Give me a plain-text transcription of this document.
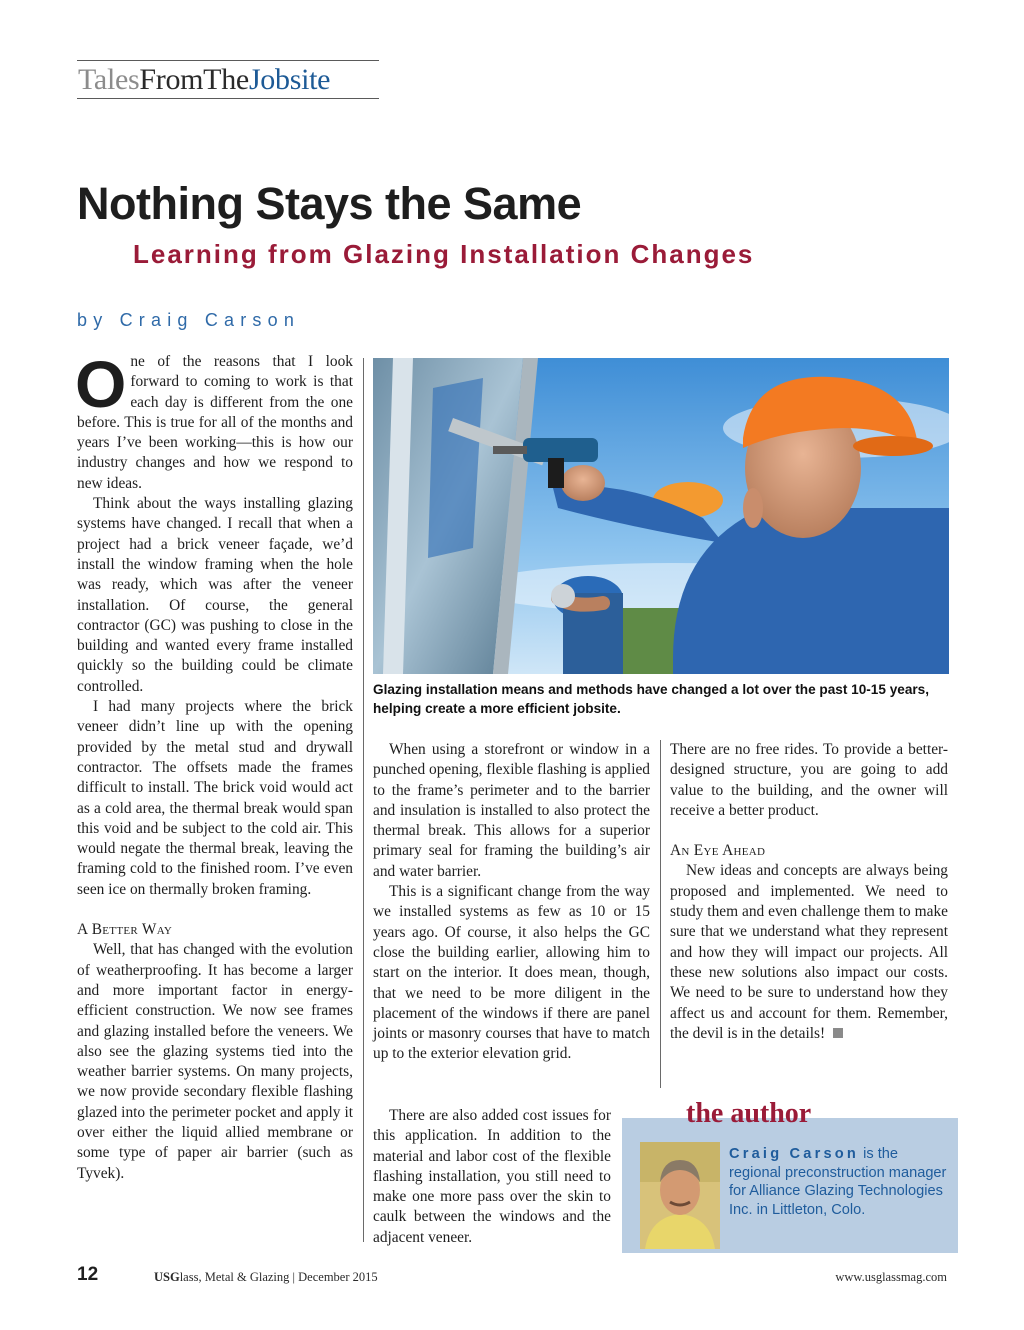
TalesFromTheJobsite
Nothing Stays the Same
Learning from Glazing Installation Changes
by Craig Carson

One of the reasons that I look forward to coming to work is that each day is different from the one before. This is true for all of the months and years I’ve been working—this is how our industry changes and how we respond to new ideas.

Think about the ways installing glazing systems have changed. I recall that when a project had a brick veneer façade, we’d install the window framing when the hole was ready, which was after the veneer installation. Of course, the general contractor (GC) was pushing to close in the building and wanted every frame installed quickly so the building could be climate controlled.

I had many projects where the brick veneer didn’t line up with the opening provided by the metal stud and drywall contractor. The offsets made the frames difficult to install. The brick void would act as a cold area, the thermal break would span this void and be subject to the cold air. This would negate the thermal break, leaving the framing cold to the finished room. I’ve even seen ice on thermally broken framing.

A Better Way

Well, that has changed with the evolution of weatherproofing. It has become a larger and more important factor in energy-efficient construction. We now see frames and glazing installed before the veneers. We also see the glazing systems tied into the weather barrier systems. On many projects, we now provide secondary flexible flashing glazed into the perimeter pocket and apply it over either the liquid allied membrane or some type of paper air barrier (such as Tyvek).

Glazing installation means and methods have changed a lot over the past 10-15 years, helping create a more efficient jobsite.

When using a storefront or window in a punched opening, flexible flashing is applied to the frame’s perimeter and to the barrier and insulation is installed to also protect the thermal break. This allows for a superior primary seal for framing the building’s air and water barrier.

This is a significant change from the way we installed systems as few as 10 or 15 years ago. Of course, it also helps the GC close the building earlier, allowing him to start on the interior. It does mean, though, that we need to be more diligent in the placement of the windows if there are panel joints or masonry courses that have to match up to the exterior elevation grid.

There are also added cost issues for this application. In addition to the material and labor cost of the flexible flashing installation, you still need to make one more pass over the skin to caulk between the windows and the adjacent veneer.

There are no free rides. To provide a better-designed structure, you are going to add value to the building, and the owner will receive a better product.

An Eye Ahead

New ideas and concepts are always being proposed and implemented. We need to study them and even challenge them to make sure that we understand what they represent and how they will impact our projects. All these new solutions also impact our costs. We need to be sure to understand how they affect us and account for them. Remember, the devil is in the details!

the author
Craig Carson is the regional preconstruction manager for Alliance Glazing Technologies Inc. in Littleton, Colo.
12	USGlass, Metal & Glazing | December 2015	www.usglassmag.com
